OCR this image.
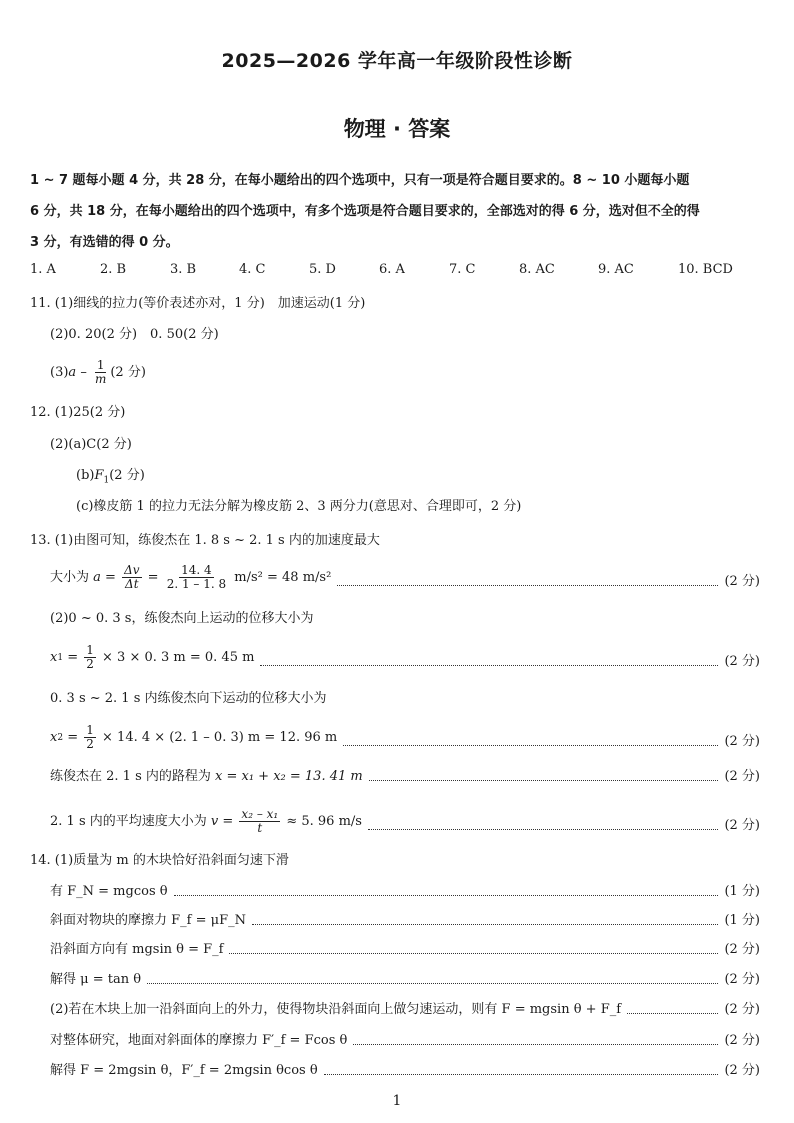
2025—2026 学年高一年级阶段性诊断
物理 · 答案
1 ~ 7 题每小题 4 分，共 28 分，在每小题给出的四个选项中，只有一项是符合题目要求的。8 ~ 10 小题每小题
6 分，共 18 分，在每小题给出的四个选项中，有多个选项是符合题目要求的，全部选对的得 6 分，选对但不全的得
3 分，有选错的得 0 分。
1. A	2. B	3. B	4. C	5. D	6. A	7. C	8. AC	9. AC	10. BCD
11. (1)细线的拉力(等价表述亦对，1 分)　加速运动(1 分)
(2)0. 20(2 分)　0. 50(2 分)
(3) a – $\frac{1}{m} (2$ 分)
12. (1)25(2 分)
(2)(a)C(2 分)
$(b)F_1(2$ 分)
(c)橡皮筋 1 的拉力无法分解为橡皮筋 2、3 两分力(意思对、合理即可，2 分)
13. (1)由图可知，练俊杰在 1. 8 s ~ 2. 1 s 内的加速度最大
大小为 $a = \frac{\Delta v}{\Delta t} = \frac{14. 4}{2. 1 - 1. 8} m/s^2 = 48$ m/s²	(2 分)
(2)0 ~ 0. 3 s，练俊杰向上运动的位移大小为
x $1 = \frac{1}{2} \times 3 \times 0$. 3 m = 0. 45 m	(2 分)
0. 3 s ~ 2. 1 s 内练俊杰向下运动的位移大小为
x $2 = \frac{1}{2} \times 14$. 4 × (2. 1 – 0. 3) m = 12. 96 m	(2 分)
练俊杰在 2. 1 s 内的路程为 x = x₁ + x₂ = 13. 41 m	(2 分)
2. 1 s 内的平均速度大小为 $v = \frac{\text{x₂ – x₁}}{t} \approx 5$. 96 m/s	(2 分)
14. (1)质量为 m 的木块恰好沿斜面匀速下滑
有 F_N = mgcos θ	(1 分)
斜面对物块的摩擦力 F_f = μF_N	(1 分)
沿斜面方向有 mgsin θ = F_f	(2 分)
解得 μ = tan θ	(2 分)
(2)若在木块上加一沿斜面向上的外力，使得物块沿斜面向上做匀速运动，则有 F = mgsin θ + F_f	(2 分)
对整体研究，地面对斜面体的摩擦力 F′_f = Fcos θ	(2 分)
解得 F = 2mgsin θ，F′_f = 2mgsin θcos θ	(2 分)
1
